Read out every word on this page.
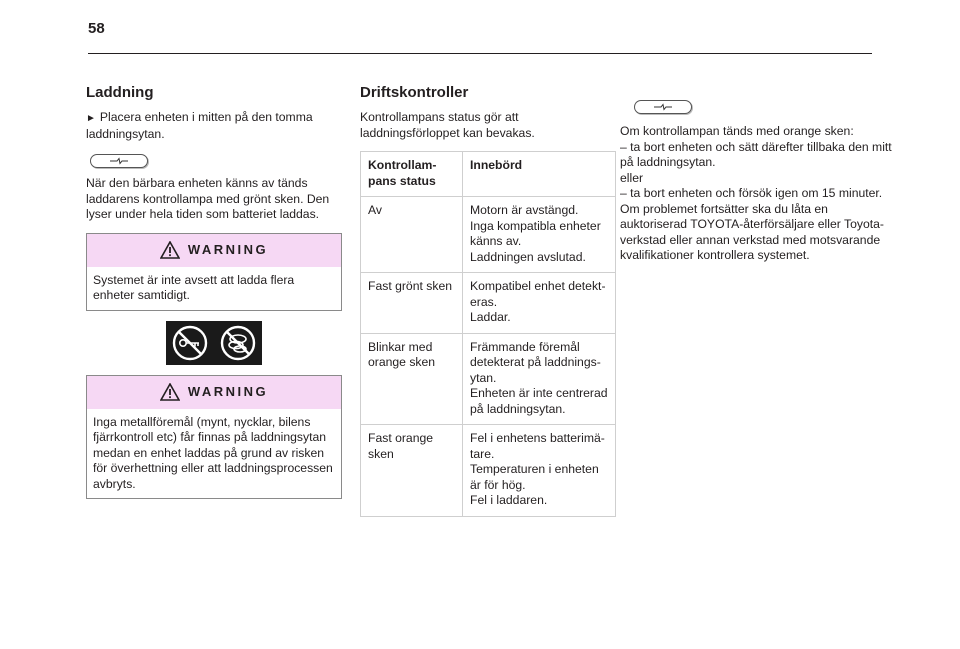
58
Laddning

► Placera enheten i mitten på den tomma laddningsytan.

När den bärbara enheten känns av tänds laddarens kontrollampa med grönt sken. Den lyser under hela tiden som batteriet laddas.

WARNING
Systemet är inte avsett att ladda flera enheter samtidigt.
WARNING
Inga metallföremål (mynt, nycklar, bilens fjärrkontroll etc) får finnas på laddningsytan medan en enhet laddas på grund av risken för överhettning eller att laddningsprocessen avbryts.
Driftskontroller

Kontrollampans status gör att laddningsförloppet kan bevakas.

Kontrollam-
pans status	Innebörd
Av	Motorn är avstängd.
Inga kompatibla enheter känns av.
Laddningen avslutad.
Fast grönt sken	Kompatibel enhet detekt-
eras.
Laddar.
Blinkar med orange sken	Främmande föremål detekterat på laddnings-
ytan.
Enheten är inte centrerad på laddningsytan.
Fast orange sken	Fel i enhetens batterimä-
tare.
Temperaturen i enheten är för hög.
Fel i laddaren.

Om kontrollampan tänds med orange sken:

– ta bort enheten och sätt därefter tillbaka den mitt på laddningsytan.

eller

– ta bort enheten och försök igen om 15 minuter.

Om problemet fortsätter ska du låta en auktoriserad TOYOTA-återförsäljare eller Toyota-verkstad eller annan verkstad med motsvarande kvalifikationer kontrollera systemet.
